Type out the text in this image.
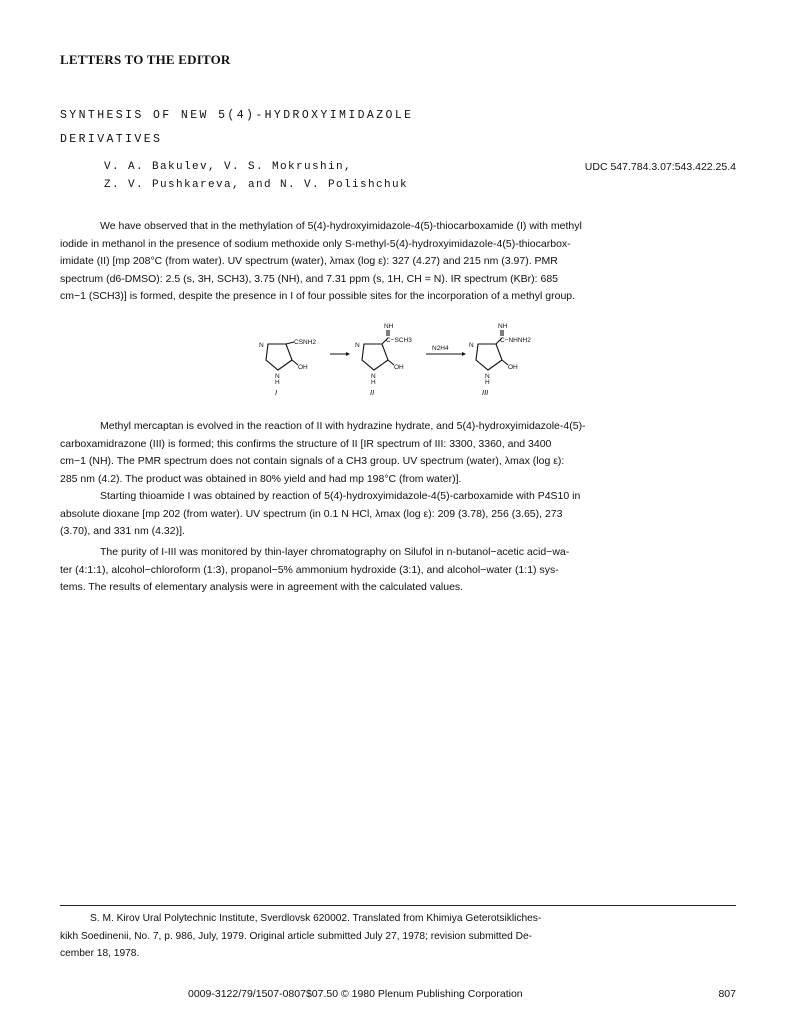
LETTERS TO THE EDITOR
SYNTHESIS OF NEW 5(4)-HYDROXYIMIDAZOLE
DERIVATIVES
V. A. Bakulev, V. S. Mokrushin,
Z. V. Pushkareva, and N. V. Polishchuk
UDC 547.784.3.07:543.422.25.4
We have observed that in the methylation of 5(4)-hydroxyimidazole-4(5)-thiocarboxamide (I) with methyl
iodide in methanol in the presence of sodium methoxide only S-methyl-5(4)-hydroxyimidazole-4(5)-thiocarbox-
imidate (II) [mp 208°C (from water). UV spectrum (water), λmax (log ε): 327 (4.27) and 215 nm (3.97). PMR
spectrum (d6-DMSO): 2.5 (s, 3H, SCH3), 3.75 (NH), and 7.31 ppm (s, 1H, CH = N). IR spectrum (KBr): 685
cm−1 (SCH3)] is formed, despite the presence in I of four possible sites for the incorporation of a methyl group.
CSNH2
OH
N
N
H
I
NH
C−SCH3
OH
N
N
H
II
N2H4
NH
C−NHNH2
OH
N
N
H
III
Methyl mercaptan is evolved in the reaction of II with hydrazine hydrate, and 5(4)-hydroxyimidazole-4(5)-
carboxamidrazone (III) is formed; this confirms the structure of II [IR spectrum of III: 3300, 3360, and 3400
cm−1 (NH). The PMR spectrum does not contain signals of a CH3 group. UV spectrum (water), λmax (log ε):
285 nm (4.2). The product was obtained in 80% yield and had mp 198°C (from water)].
Starting thioamide I was obtained by reaction of 5(4)-hydroxyimidazole-4(5)-carboxamide with P4S10 in
absolute dioxane [mp 202 (from water). UV spectrum (in 0.1 N HCl, λmax (log ε): 209 (3.78), 256 (3.65), 273
(3.70), and 331 nm (4.32)].
The purity of I-III was monitored by thin-layer chromatography on Silufol in n-butanol−acetic acid−wa-
ter (4:1:1), alcohol−chloroform (1:3), propanol−5% ammonium hydroxide (3:1), and alcohol−water (1:1) sys-
tems. The results of elementary analysis were in agreement with the calculated values.
S. M. Kirov Ural Polytechnic Institute, Sverdlovsk 620002. Translated from Khimiya Geterotsikliches-
kikh Soedinenii, No. 7, p. 986, July, 1979. Original article submitted July 27, 1978; revision submitted De-
cember 18, 1978.
0009-3122/79/1507-0807$07.50 © 1980 Plenum Publishing Corporation	807
